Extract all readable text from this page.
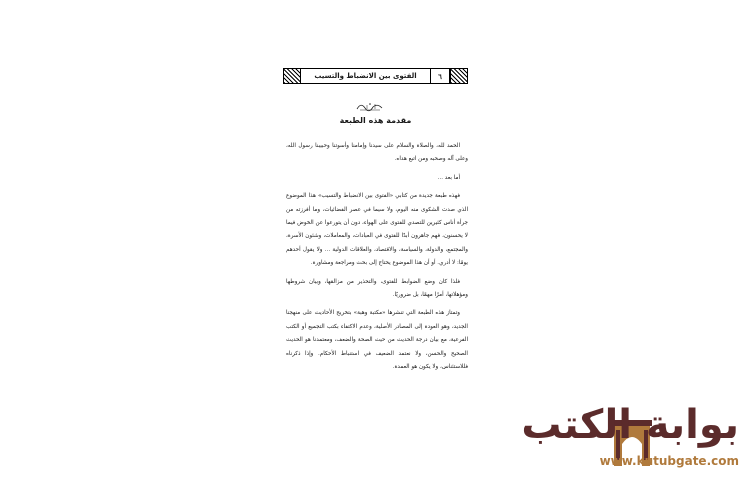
الفتوى بين الانضباط والتسيب	٦
مقدمة هذه الطبعة

الحمد لله، والصلاة والسلام على سيدنا وإمامنا وأسوتنا وحبيبنا رسول الله، وعلى آله وصحبه ومن اتبع هداه.

أما بعد ...

فهذه طبعة جديدة من كتابي «الفتوى بين الانضباط والتسيب» هذا الموضوع الذي صدت الشكوى منه اليوم، ولا سيما في عصر الفضائيات، وما أفرزته من جرأة أناس كثيرين للتصدي للفتوى على الهواء، دون أن يتورعوا عن الخوض فيما لا يحسنون، فهم جاهرون أبدًا للفتوى في العبادات، والمعاملات، وشئون الأسرة، والمجتمع، والدولة، والسياسة، والاقتصاد، والعلاقات الدولية ... ولا يقول أحدهم يومًا: لا أدري. أو أن هذا الموضوع يحتاج إلى بحث ومراجعة ومشاورة.

فلذا كان وضع الضوابط للفتوى، والتحذير من مزالقها، وبيان شروطها ومؤهلاتها، أمرًا مهمًا، بل ضروريًا.

وتمتاز هذه الطبعة التي تنشرها «مكتبة وهبة» بتخريج الأحاديث على منهجنا الجديد، وهو العودة إلى المصادر الأصلية، وعدم الاكتفاء بكتب التجميع أو الكتب الفرعية، مع بيان درجة الحديث من حيث الصحة والضعف، ومعتمدنا هو الحديث الصحيح والحسن، ولا نعتمد الضعيف في استنباط الأحكام. وإذا ذكرناه فللاستئناس، ولا يكون هو العمدة.

بوابة الكتب
www.kutubgate.com
